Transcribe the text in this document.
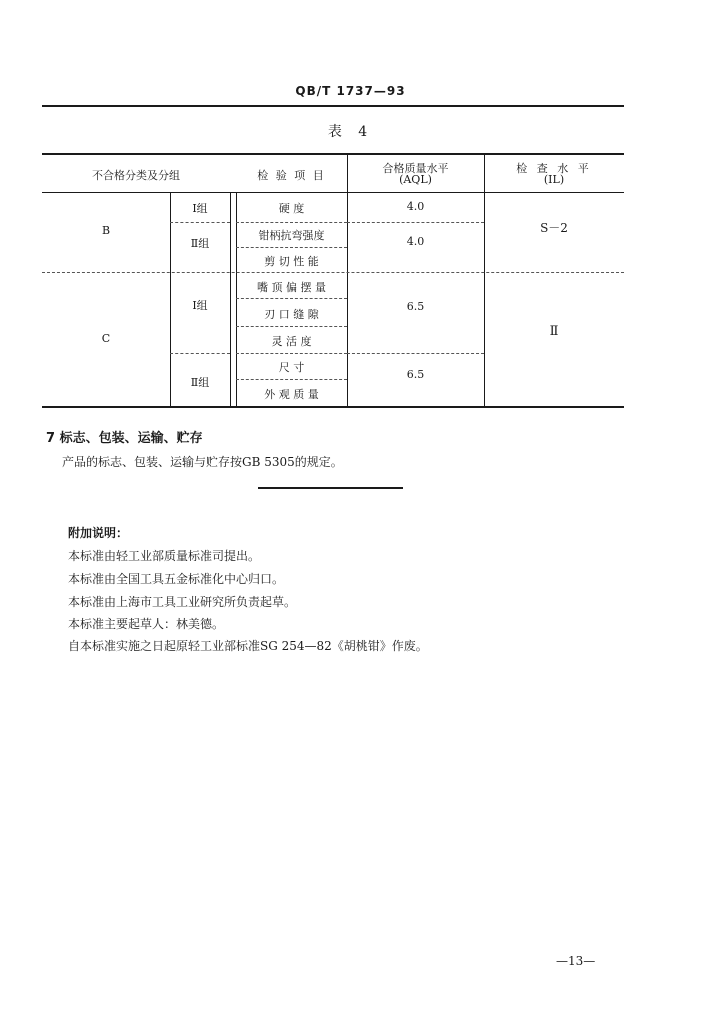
QB/T 1737—93
表 4
不合格分类及分组	检 验 项 目
合格质量水平
(AQL)
检 查 水 平
(IL)
B
C
Ⅰ组
Ⅱ组
Ⅰ组
Ⅱ组
硬 度
钳柄抗弯强度
剪 切 性 能
嘴 顶 偏 摆 量
刃 口 缝 隙
灵 活 度
尺 寸
外 观 质 量
4.0
4.0
6.5
6.5
S－2
Ⅱ
7 标志、包装、运输、贮存
产品的标志、包装、运输与贮存按GB 5305的规定。
附加说明：
本标准由轻工业部质量标准司提出。
本标准由全国工具五金标准化中心归口。
本标准由上海市工具工业研究所负责起草。
本标准主要起草人：林美德。
自本标准实施之日起原轻工业部标准SG 254—82《胡桃钳》作废。
—13—
